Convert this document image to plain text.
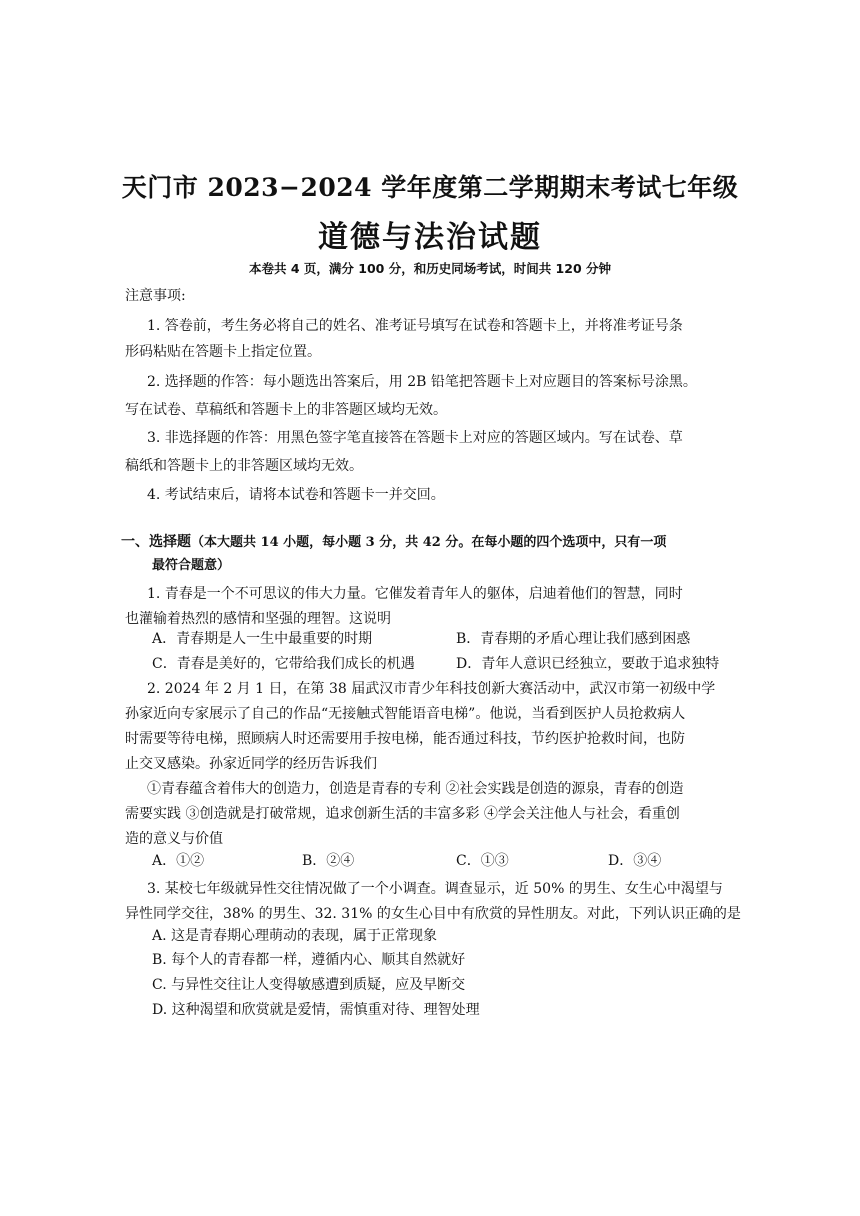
天门市 2023−2024 学年度第二学期期末考试七年级
道德与法治试题
本卷共 4 页，满分 100 分，和历史同场考试，时间共 120 分钟
注意事项:
1. 答卷前，考生务必将自己的姓名、准考证号填写在试卷和答题卡上，并将准考证号条
形码粘贴在答题卡上指定位置。
2. 选择题的作答：每小题选出答案后，用 2B 铅笔把答题卡上对应题目的答案标号涂黑。
写在试卷、草稿纸和答题卡上的非答题区域均无效。
3. 非选择题的作答：用黑色签字笔直接答在答题卡上对应的答题区域内。写在试卷、草
稿纸和答题卡上的非答题区域均无效。
4. 考试结束后，请将本试卷和答题卡一并交回。
一、选择题（本大题共 14 小题，每小题 3 分，共 42 分。在每小题的四个选项中，只有一项
最符合题意）
1. 青春是一个不可思议的伟大力量。它催发着青年人的躯体，启迪着他们的智慧，同时
也灌输着热烈的感情和坚强的理智。这说明
A．青春期是人一生中最重要的时期	B．青春期的矛盾心理让我们感到困惑
C．青春是美好的，它带给我们成长的机遇	D．青年人意识已经独立，要敢于追求独特
2. 2024 年 2 月 1 日，在第 38 届武汉市青少年科技创新大赛活动中，武汉市第一初级中学
孙家近向专家展示了自己的作品“无接触式智能语音电梯”。他说，当看到医护人员抢救病人
时需要等待电梯，照顾病人时还需要用手按电梯，能否通过科技，节约医护抢救时间，也防
止交叉感染。孙家近同学的经历告诉我们
①青春蕴含着伟大的创造力，创造是青春的专利 ②社会实践是创造的源泉，青春的创造
需要实践 ③创造就是打破常规，追求创新生活的丰富多彩 ④学会关注他人与社会，看重创
造的意义与价值
A．①②	B．②④	C．①③	D．③④
3. 某校七年级就异性交往情况做了一个小调查。调查显示，近 50% 的男生、女生心中渴望与
异性同学交往，38% 的男生、32. 31% 的女生心目中有欣赏的异性朋友。对此，下列认识正确的是
A. 这是青春期心理萌动的表现，属于正常现象
B. 每个人的青春都一样，遵循内心、顺其自然就好
C. 与异性交往让人变得敏感遭到质疑，应及早断交
D. 这种渴望和欣赏就是爱情，需慎重对待、理智处理
